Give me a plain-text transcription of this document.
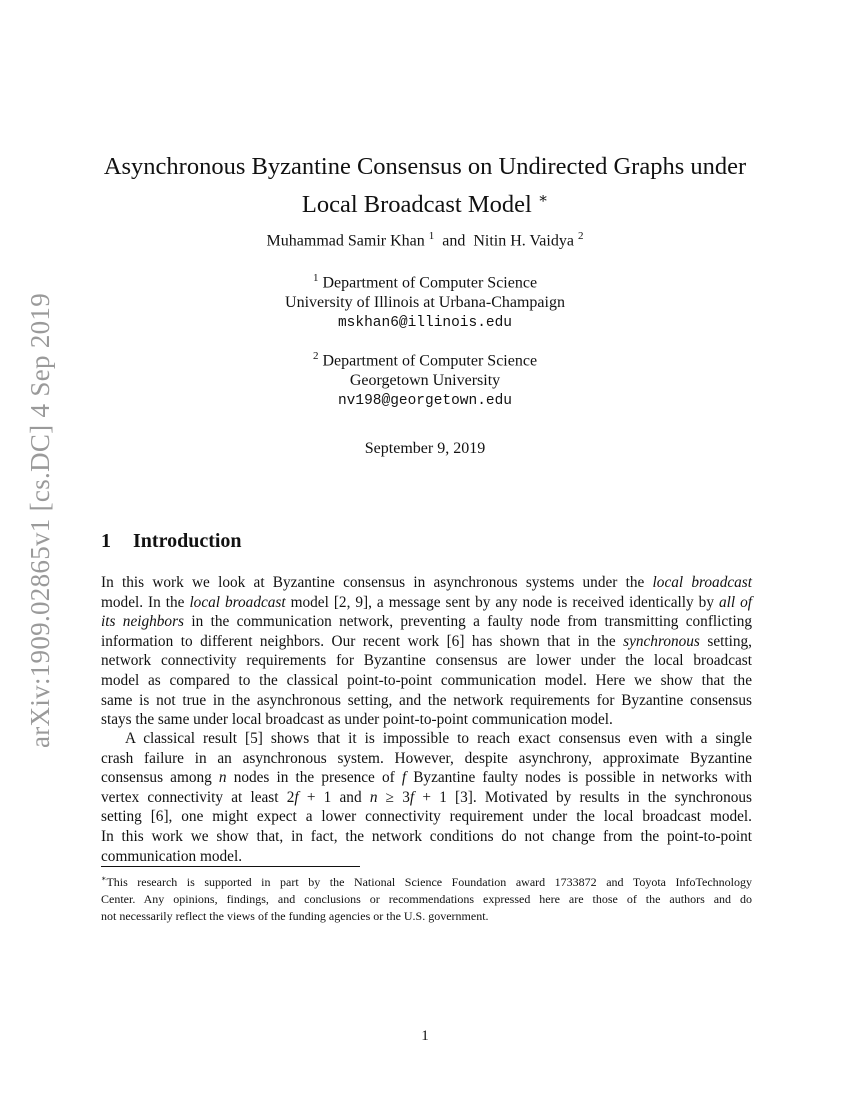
arXiv:1909.02865v1 [cs.DC] 4 Sep 2019
Asynchronous Byzantine Consensus on Undirected Graphs under
Local Broadcast Model ∗
Muhammad Samir Khan $^1$ and Nitin H. Vaidya $^2$
$^1$ Department of Computer Science
University of Illinois at Urbana-Champaign
mskhan6@illinois.edu
$^2$ Department of Computer Science
Georgetown University
nv198@georgetown.edu
September 9, 2019
1 Introduction
In this work we look at Byzantine consensus in asynchronous systems under the local broadcast
model. In the local broadcast model [2, 9], a message sent by any node is received identically by all of
its neighbors in the communication network, preventing a faulty node from transmitting conflicting
information to different neighbors. Our recent work [6] has shown that in the synchronous setting,
network connectivity requirements for Byzantine consensus are lower under the local broadcast
model as compared to the classical point-to-point communication model. Here we show that the
same is not true in the asynchronous setting, and the network requirements for Byzantine consensus
stays the same under local broadcast as under point-to-point communication model.
A classical result [5] shows that it is impossible to reach exact consensus even with a single
crash failure in an asynchronous system. However, despite asynchrony, approximate Byzantine
consensus among n nodes in the presence of f Byzantine faulty nodes is possible in networks with
vertex connectivity at least 2f + 1 and n ≥ 3f + 1 [3]. Motivated by results in the synchronous
setting [6], one might expect a lower connectivity requirement under the local broadcast model.
In this work we show that, in fact, the network conditions do not change from the point-to-point
communication model.
∗This research is supported in part by the National Science Foundation award 1733872 and Toyota InfoTechnology
Center. Any opinions, findings, and conclusions or recommendations expressed here are those of the authors and do
not necessarily reflect the views of the funding agencies or the U.S. government.
1
